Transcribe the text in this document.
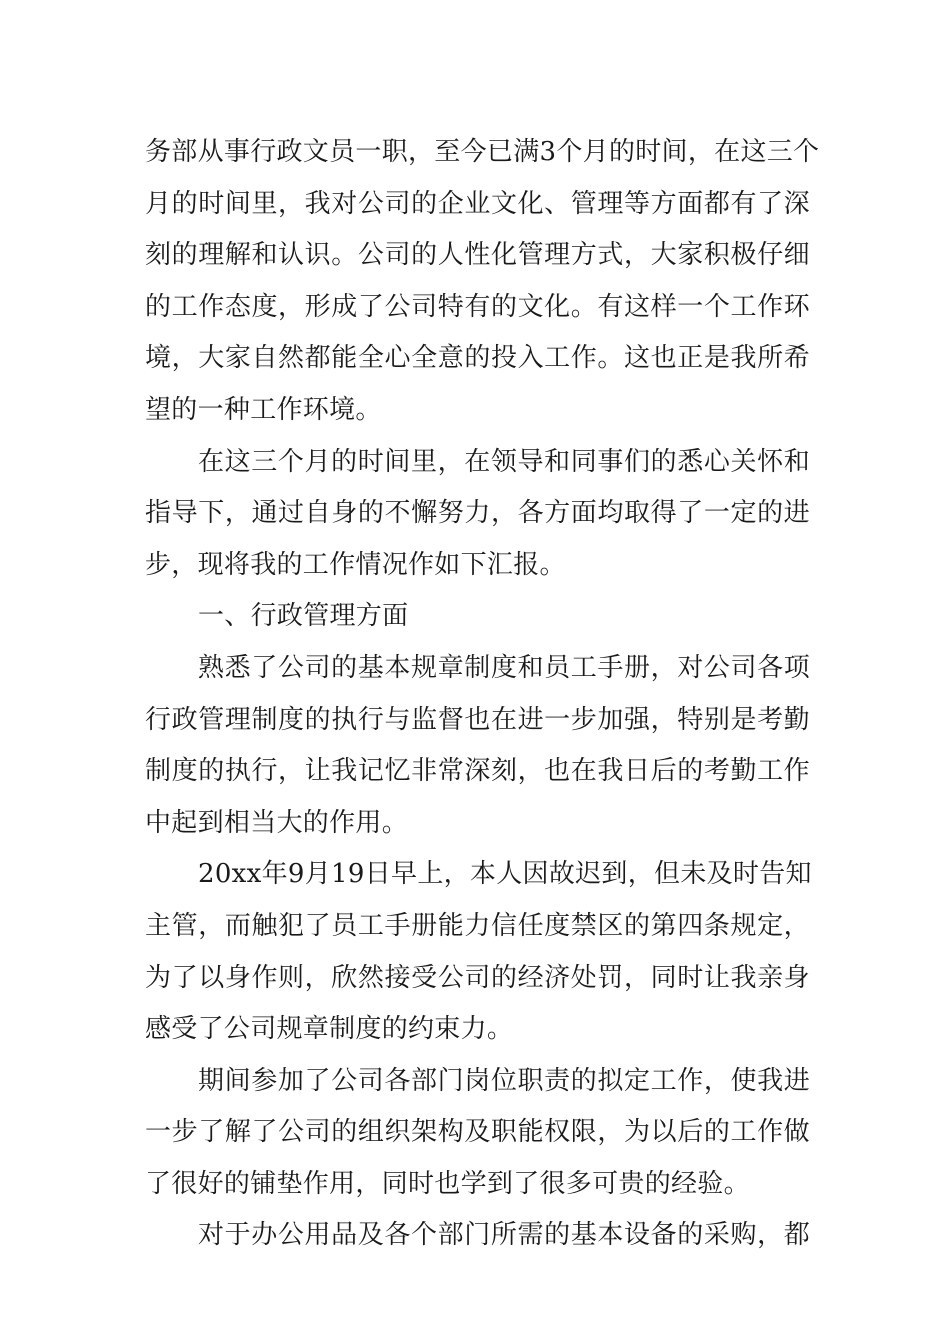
务部从事行政文员一职，至今已满3个月的时间，在这三个
月的时间里，我对公司的企业文化、管理等方面都有了深
刻的理解和认识。公司的人性化管理方式，大家积极仔细
的工作态度，形成了公司特有的文化。有这样一个工作环
境，大家自然都能全心全意的投入工作。这也正是我所希
望的一种工作环境。
在这三个月的时间里，在领导和同事们的悉心关怀和
指导下，通过自身的不懈努力，各方面均取得了一定的进
步，现将我的工作情况作如下汇报。
一、行政管理方面
熟悉了公司的基本规章制度和员工手册，对公司各项
行政管理制度的执行与监督也在进一步加强，特别是考勤
制度的执行，让我记忆非常深刻，也在我日后的考勤工作
中起到相当大的作用。
20xx年9月19日早上，本人因故迟到，但未及时告知
主管，而触犯了员工手册能力信任度禁区的第四条规定，
为了以身作则，欣然接受公司的经济处罚，同时让我亲身
感受了公司规章制度的约束力。
期间参加了公司各部门岗位职责的拟定工作，使我进
一步了解了公司的组织架构及职能权限，为以后的工作做
了很好的铺垫作用，同时也学到了很多可贵的经验。
对于办公用品及各个部门所需的基本设备的采购，都
